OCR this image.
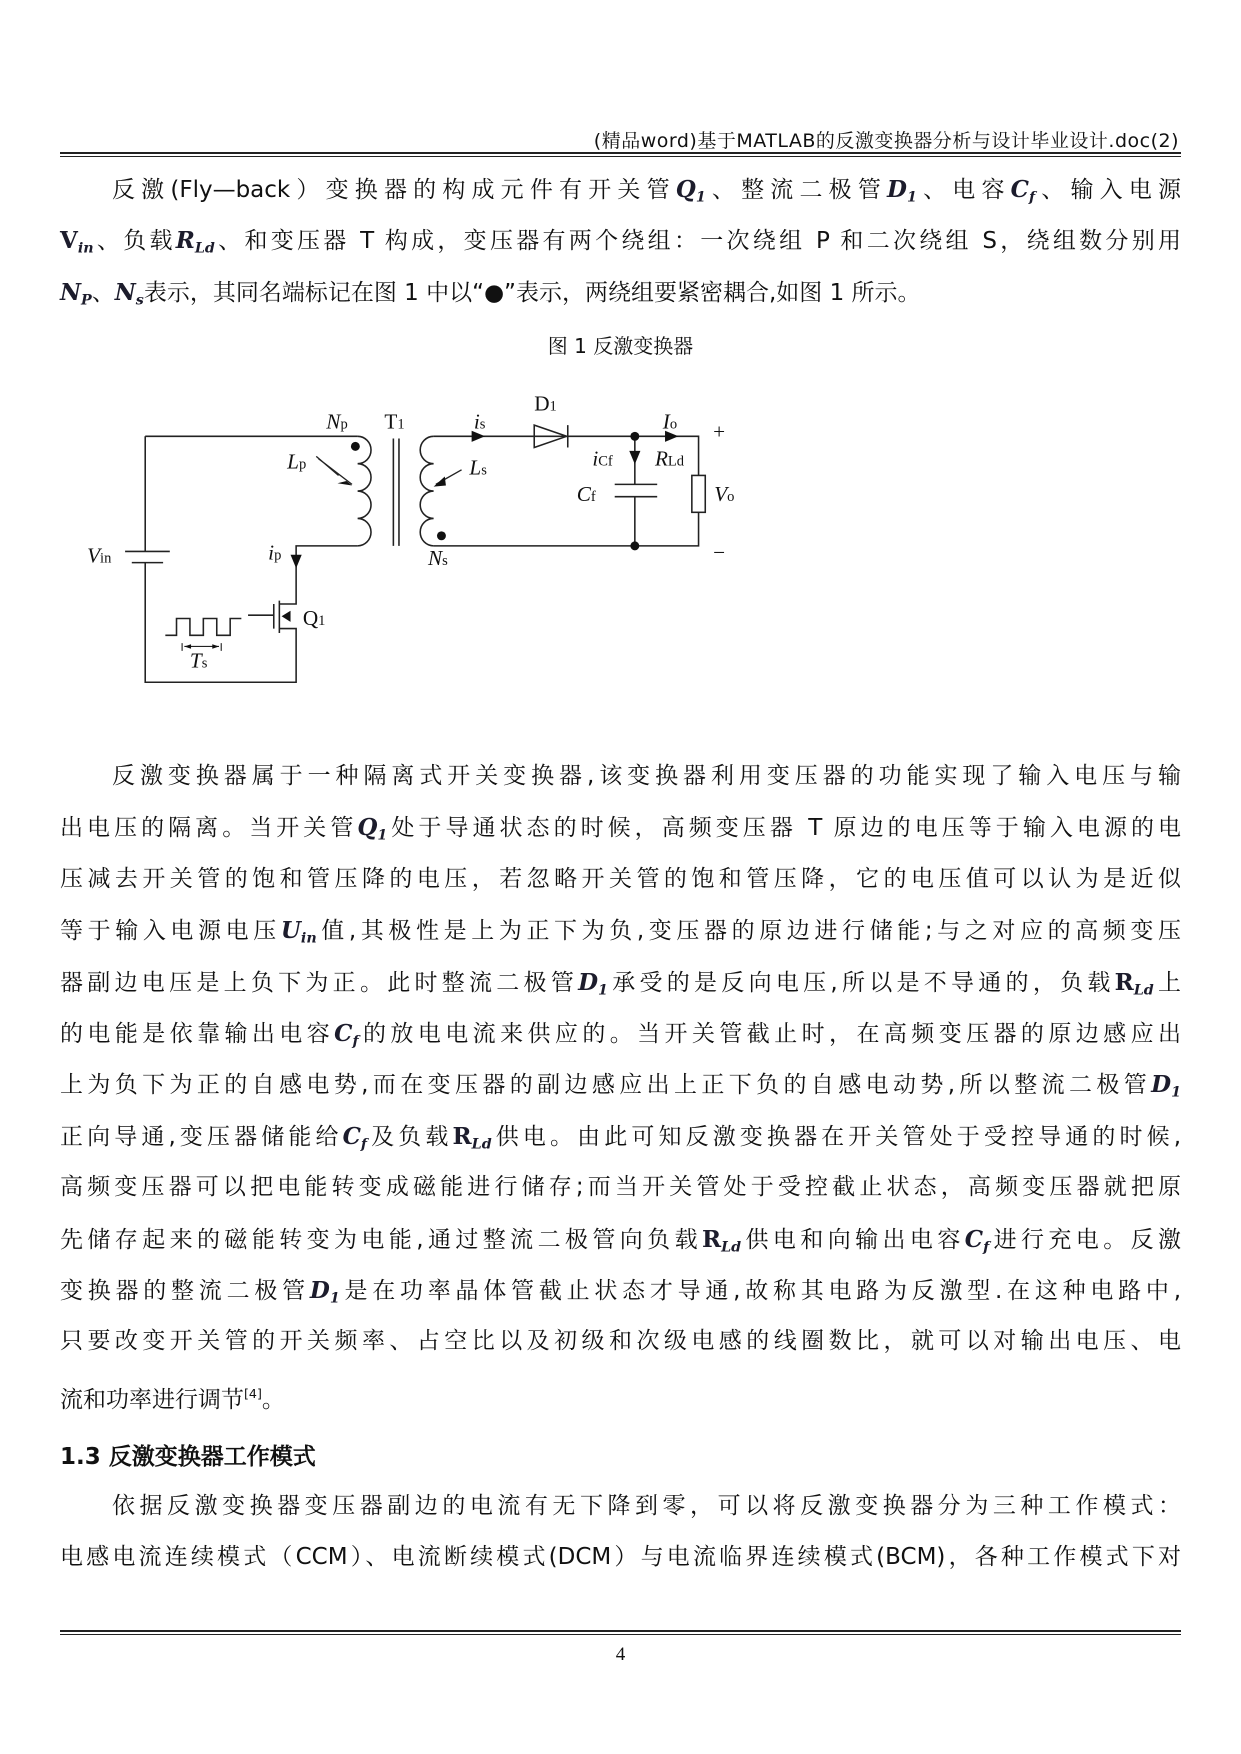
(精品word)基于MATLAB的反激变换器分析与设计毕业设计.doc(2)
反激(Fly—back）变换器的构成元件有开关管$Q_1$、整流二极管$D_1$、电容$C_f$、输入电源
$V_{in}$、负载$R_{Ld}$、和变压器 T 构成，变压器有两个绕组：一次绕组 P 和二次绕组 S，绕组数分别用
$N_P$、$N_s$表示，其同名端标记在图 1 中以“●”表示，两绕组要紧密耦合,如图 1 所示。
图 1 反激变换器
Np T1	is
D1
Io +
−
iCf RLd
Ls
Lp
Cf	Vo
Vin	ip	Ns
Q1
Ts
反激变换器属于一种隔离式开关变换器,该变换器利用变压器的功能实现了输入电压与输
出电压的隔离。当开关管$Q_1$处于导通状态的时候，高频变压器 T 原边的电压等于输入电源的电
压减去开关管的饱和管压降的电压，若忽略开关管的饱和管压降，它的电压值可以认为是近似
等于输入电源电压$U_{in}$值,其极性是上为正下为负,变压器的原边进行储能;与之对应的高频变压
器副边电压是上负下为正。此时整流二极管$D_1$承受的是反向电压,所以是不导通的，负载$R_{Ld}$上
的电能是依靠输出电容$C_f$的放电电流来供应的。当开关管截止时，在高频变压器的原边感应出
上为负下为正的自感电势,而在变压器的副边感应出上正下负的自感电动势,所以整流二极管$D_1$
正向导通,变压器储能给$C_f$及负载$R_{Ld}$供电。由此可知反激变换器在开关管处于受控导通的时候,
高频变压器可以把电能转变成磁能进行储存;而当开关管处于受控截止状态，高频变压器就把原
先储存起来的磁能转变为电能,通过整流二极管向负载$R_{Ld}$供电和向输出电容$C_f$进行充电。反激
变换器的整流二极管$D_1$是在功率晶体管截止状态才导通,故称其电路为反激型.在这种电路中,
只要改变开关管的开关频率、占空比以及初级和次级电感的线圈数比，就可以对输出电压、电
流和功率进行调节[4]。
1.3 反激变换器工作模式
依据反激变换器变压器副边的电流有无下降到零，可以将反激变换器分为三种工作模式：
电感电流连续模式（CCM）、电流断续模式(DCM）与电流临界连续模式(BCM)，各种工作模式下对
4
